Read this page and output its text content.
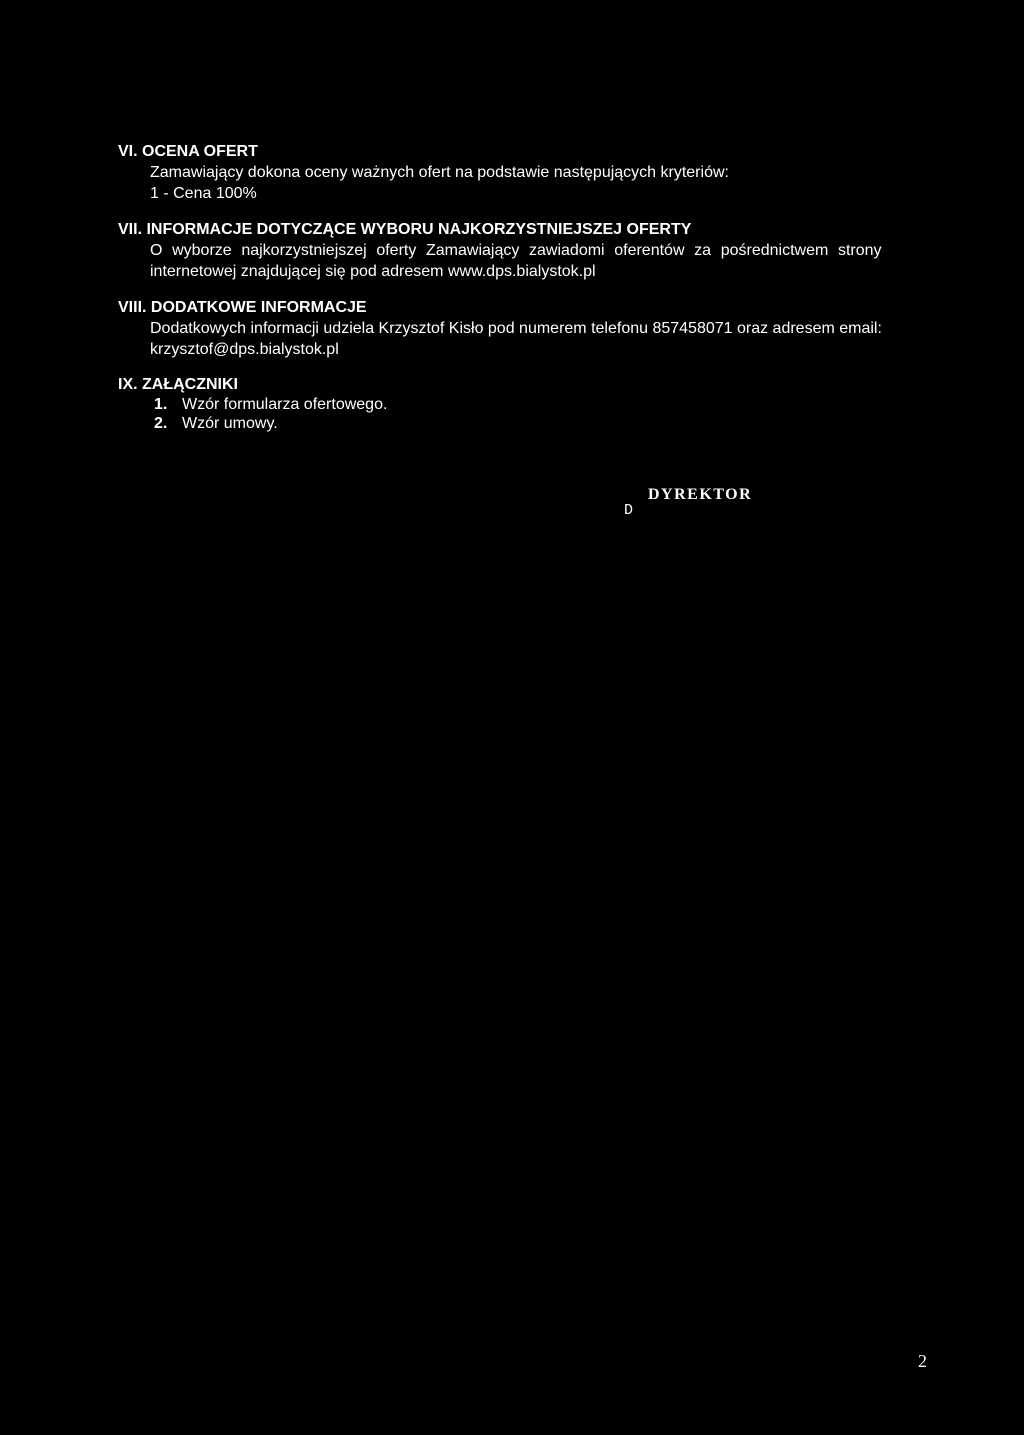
VI. OCENA OFERT
Zamawiający dokona oceny ważnych ofert na podstawie następujących kryteriów:
1 - Cena 100%
VII. INFORMACJE DOTYCZĄCE WYBORU NAJKORZYSTNIEJSZEJ OFERTY
O wyborze najkorzystniejszej oferty Zamawiający zawiadomi oferentów za pośrednictwem strony
internetowej znajdującej się pod adresem www.dps.bialystok.pl
VIII. DODATKOWE INFORMACJE
Dodatkowych informacji udziela Krzysztof Kisło pod numerem telefonu 857458071 oraz adresem email:
krzysztof@dps.bialystok.pl
IX. ZAŁĄCZNIKI
1. Wzór formularza ofertowego.
2. Wzór umowy.
DYREKTOR
D
2
